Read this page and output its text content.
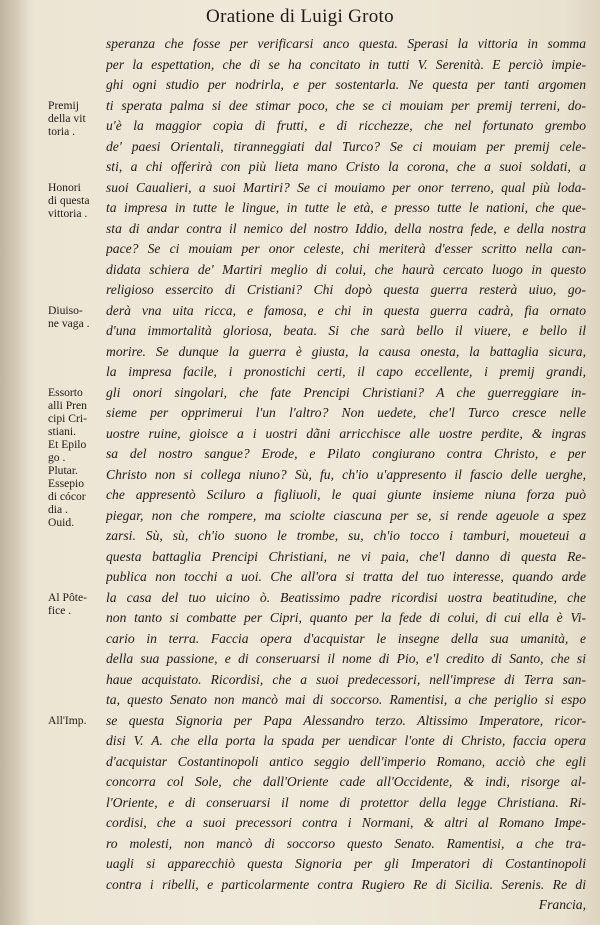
Oratione di Luigi Groto
speranza che fosse per verificarsi anco questa. Sperasi la vittoria in somma
per la espettation, che di se ha concitato in tutti V. Serenità. E perciò impie-
ghi ogni studio per nodrirla, e per sostentarla. Ne questa per tanti argomen
ti sperata palma si dee stimar poco, che se ci mouiam per premij terreni, do-
u'è la maggior copia di frutti, e di ricchezze, che nel fortunato grembo
de' paesi Orientali, tiranneggiati dal Turco? Se ci mouiam per premij cele-
sti, a chi offerirà con più lieta mano Cristo la corona, che a suoi soldati, a
suoi Caualieri, a suoi Martiri? Se ci mouiamo per onor terreno, qual più loda-
ta impresa in tutte le lingue, in tutte le età, e presso tutte le nationi, che que-
sta di andar contra il nemico del nostro Iddio, della nostra fede, e della nostra
pace? Se ci mouiam per onor celeste, chi meriterà d'esser scritto nella can-
didata schiera de' Martiri meglio di colui, che haurà cercato luogo in questo
religioso essercito di Cristiani? Chi dopò questa guerra resterà uiuo, go-
derà vna uita ricca, e famosa, e chi in questa guerra cadrà, fia ornato
d'una immortalità gloriosa, beata. Si che sarà bello il viuere, e bello il
morire. Se dunque la guerra è giusta, la causa onesta, la battaglia sicura,
la impresa facile, i pronostichi certi, il capo eccellente, i premij grandi,
gli onori singolari, che fate Prencipi Christiani? A che guerreggiare in-
sieme per opprimerui l'un l'altro? Non uedete, che'l Turco cresce nelle
uostre ruine, gioisce a i uostri dãni arricchisce alle uostre perdite, & ingras
sa del nostro sangue? Erode, e Pilato congiurano contra Christo, e per
Christo non si collega niuno? Sù, fu, ch'io u'appresento il fascio delle uerghe,
che appresentò Sciluro a figliuoli, le quai giunte insieme niuna forza può
piegar, non che rompere, ma sciolte ciascuna per se, si rende ageuole a spez
zarsi. Sù, sù, ch'io suono le trombe, su, ch'io tocco i tamburi, moueteui a
questa battaglia Prencipi Christiani, ne vi paia, che'l danno di questa Re-
publica non tocchi a uoi. Che all'ora si tratta del tuo interesse, quando arde
la casa del tuo uicino ò. Beatissimo padre ricordisi uostra beatitudine, che
non tanto si combatte per Cipri, quanto per la fede di colui, di cui ella è Vi-
cario in terra. Faccia opera d'acquistar le insegne della sua umanità, e
della sua passione, e di conseruarsi il nome di Pio, e'l credito di Santo, che si
haue acquistato. Ricordisi, che a suoi predecessori, nell'imprese di Terra san-
ta, questo Senato non mancò mai di soccorso. Ramentisi, a che periglio si espo
se questa Signoria per Papa Alessandro terzo. Altissimo Imperatore, ricor-
disi V. A. che ella porta la spada per uendicar l'onte di Christo, faccia opera
d'acquistar Costantinopoli antico seggio dell'imperio Romano, acciò che egli
concorra col Sole, che dall'Oriente cade all'Occidente, & indi, risorge al-
l'Oriente, e di conseruarsi il nome di protettor della legge Christiana. Ri-
cordisi, che a suoi precessori contra i Normani, & altri al Romano Impe-
ro molesti, non mancò di soccorso questo Senato. Ramentisi, a che tra-
uagli si apparecchiò questa Signoria per gli Imperatori di Costantinopoli
contra i ribelli, e particolarmente contra Rugiero Re di Sicilia. Serenis. Re di
Francia,
Premij
della vit
toria .
Honori
di questa
vittoria .
Diuiso-
ne vaga .
Essorto
alli Pren
cipi Cri-
stiani.
Et Epilo
go .
Plutar.
Essepio
di cócor
dia .
Ouid.
Al Pôte-
fice .
All'Imp.
